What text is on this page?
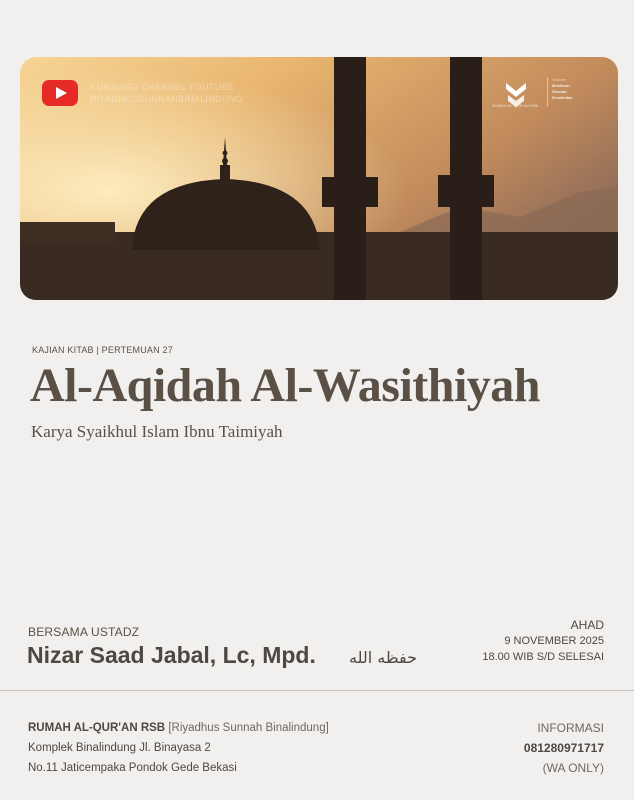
KUNJUNGI CHANNEL YOUTUBE
RIYADHUSSUNNAHBINALINDUNG
RUMAH AL-QUR'AN RSB
Visioner
Muslihun
Sunnah
Kreativitas
KAJIAN KITAB | PERTEMUAN 27
Al-Aqidah Al-Wasithiyah
Karya Syaikhul Islam Ibnu Taimiyah
BERSAMA USTADZ
Nizar Saad Jabal, Lc, Mpd. حفظه الله
AHAD
9 NOVEMBER 2025
18.00 WIB S/D SELESAI
RUMAH AL-QUR'AN RSB [Riyadhus Sunnah Binalindung]
Komplek Binalindung Jl. Binayasa 2
No.11 Jaticempaka Pondok Gede Bekasi
INFORMASI
081280971717
(WA ONLY)
